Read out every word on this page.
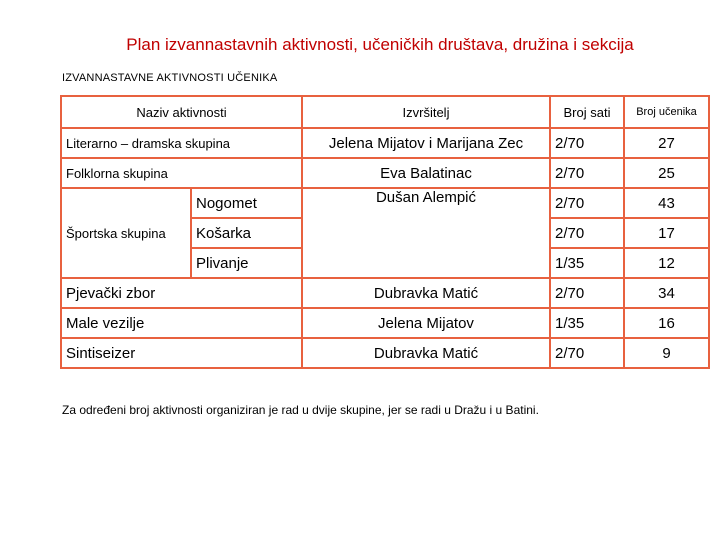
Plan izvannastavnih aktivnosti, učeničkih društava, družina i sekcija
IZVANNASTAVNE AKTIVNOSTI UČENIKA
Naziv aktivnosti		Izvršitelj	Broj sati	Broj učenika
Literarno – dramska skupina		Jelena Mijatov i Marijana Zec	2/70	27
Folklorna skupina		Eva Balatinac	2/70	25
Športska skupina	Nogomet	Dušan Alempić	2/70	43
	Košarka		2/70	17
	Plivanje		1/35	12
Pjevački zbor		Dubravka Matić	2/70	34
Male vezilje		Jelena Mijatov	1/35	16
Sintiseizer		Dubravka Matić	2/70	9
Za određeni broj aktivnosti organiziran je rad u dvije skupine, jer se radi u Dražu i u Batini.
